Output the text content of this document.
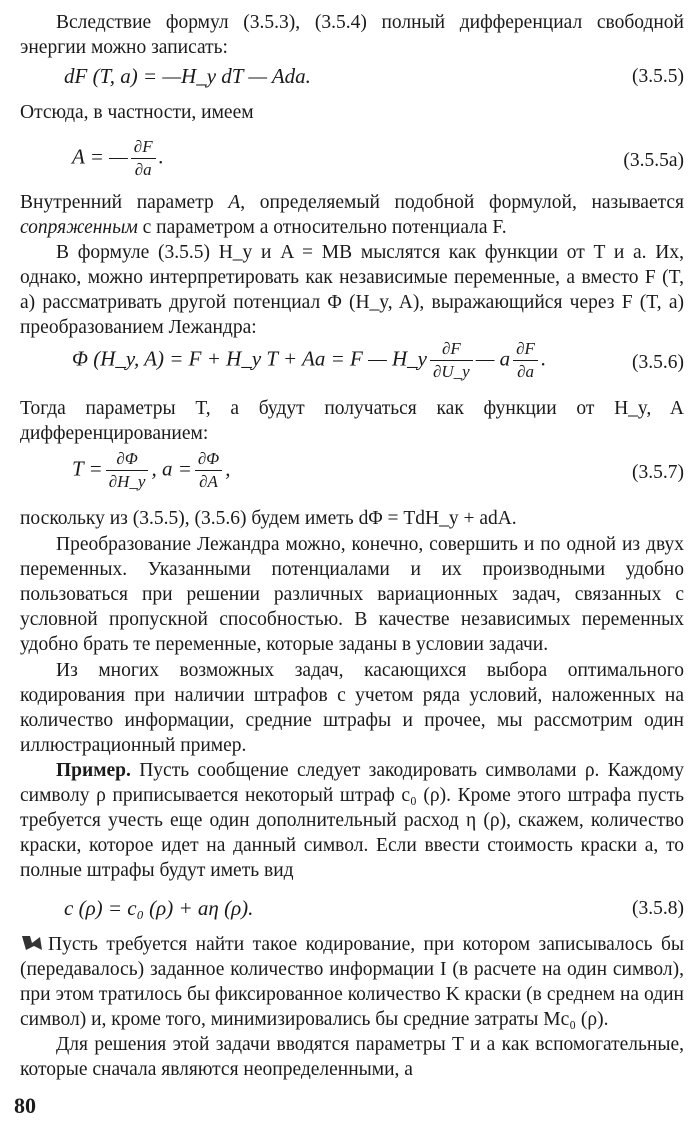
Вследствие формул (3.5.3), (3.5.4) полный дифференциал свободной энергии можно записать:

dF (T, a) = —H_y dT — Ada.	(3.5.5)

Отсюда, в частности, имеем

A = — $\frac{\partial F}{\partial a}$ .	(3.5.5a)

Внутренний параметр A, определяемый подобной формулой, называется сопряженным с параметром a относительно потенциала F.

В формуле (3.5.5) H_y и A = MB мыслятся как функции от T и a. Их, однако, можно интерпретировать как независимые переменные, а вместо F (T, a) рассматривать другой потенциал Φ (H_y, A), выражающийся через F (T, a) преобразованием Лежандра:

Φ (H_y, A) = F + H_y T + Aa = F — H_y $\frac{\partial F}{\partial U\_y}$ — a $\frac{\partial F}{\partial a}$ .	(3.5.6)

Тогда параметры T, a будут получаться как функции от H_y, A дифференцированием:

$T = \frac{\partial\Phi}{\partial H\_y}$ , $a = \frac{\partial\Phi}{\partial A}$ ,	(3.5.7)

поскольку из (3.5.5), (3.5.6) будем иметь dΦ = TdH_y + adA.

Преобразование Лежандра можно, конечно, совершить и по одной из двух переменных. Указанными потенциалами и их производными удобно пользоваться при решении различных вариационных задач, связанных с условной пропускной способностью. В качестве независимых переменных удобно брать те переменные, которые заданы в условии задачи.

Из многих возможных задач, касающихся выбора оптимального кодирования при наличии штрафов с учетом ряда условий, наложенных на количество информации, средние штрафы и прочее, мы рассмотрим один иллюстрационный пример.

Пример. Пусть сообщение следует закодировать символами ρ. Каждому символу ρ приписывается некоторый штраф c₀ (ρ). Кроме этого штрафа пусть требуется учесть еще один дополнительный расход η (ρ), скажем, количество краски, которое идет на данный символ. Если ввести стоимость краски a, то полные штрафы будут иметь вид

c (ρ) = c₀ (ρ) + aη (ρ).	(3.5.8)

Пусть требуется найти такое кодирование, при котором записывалось бы (передавалось) заданное количество информации I (в расчете на один символ), при этом тратилось бы фиксированное количество K краски (в среднем на один символ) и, кроме того, минимизировались бы средние затраты Mc₀ (ρ).

Для решения этой задачи вводятся параметры T и a как вспомогательные, которые сначала являются неопределенными, а

80
